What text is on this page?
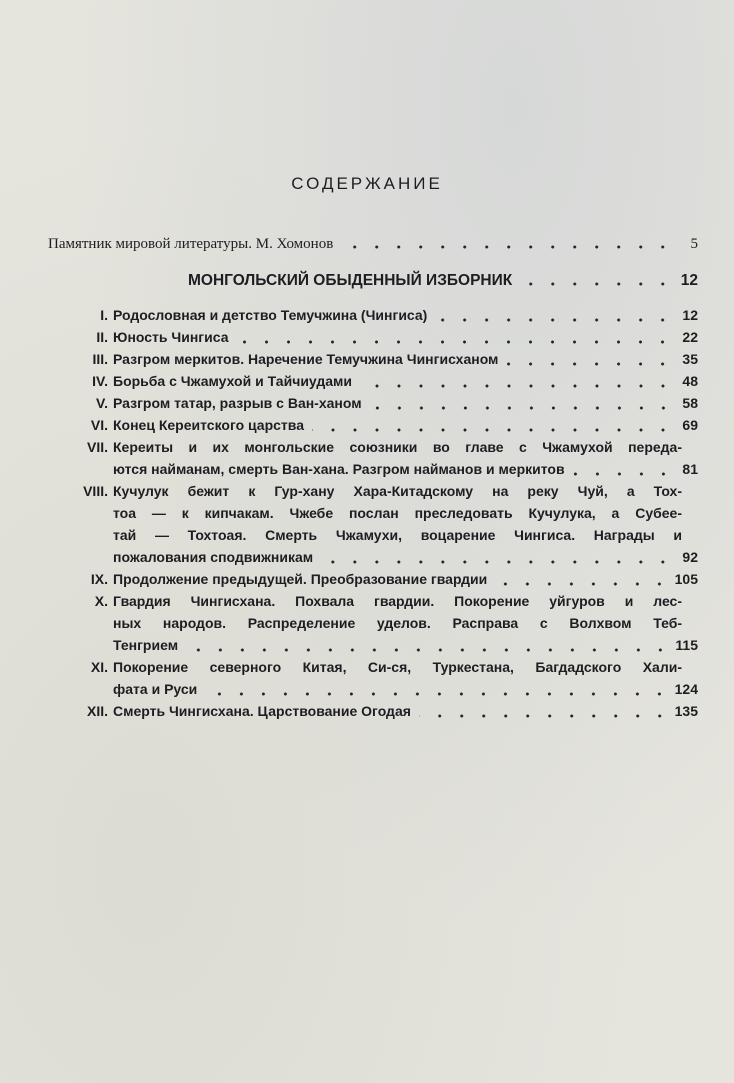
СОДЕРЖАНИЕ
Памятник мировой литературы. М. Хомонов	5
МОНГОЛЬСКИЙ ОБЫДЕННЫЙ ИЗБОРНИК	12
I. Родословная и детство Темучжина (Чингиса)	12
II. Юность Чингиса	22
III. Разгром меркитов. Наречение Темучжина Чингисханом	35
IV. Борьба с Чжамухой и Тайчиудами	48
V. Разгром татар, разрыв с Ван-ханом	58
VI. Конец Кереитского царства	69
VII. Кереиты и их монгольские союзники во главе с Чжамухой переда-
ются найманам, смерть Ван-хана. Разгром найманов и меркитов	81
VIII. Кучулук бежит к Гур-хану Хара-Китадскому на реку Чуй, а Тох-
тоа — к кипчакам. Чжебе послан преследовать Кучулука, а Субее-
тай — Тохтоая. Смерть Чжамухи, воцарение Чингиса. Награды и
пожалования сподвижникам	92
IX. Продолжение предыдущей. Преобразование гвардии	105
X. Гвардия Чингисхана. Похвала гвардии. Покорение уйгуров и лес-
ных народов. Распределение уделов. Расправа с Волхвом Теб-
Тенгрием	115
XI. Покорение северного Китая, Си-ся, Туркестана, Багдадского Хали-
фата и Руси	124
XII. Смерть Чингисхана. Царствование Огодая	135
